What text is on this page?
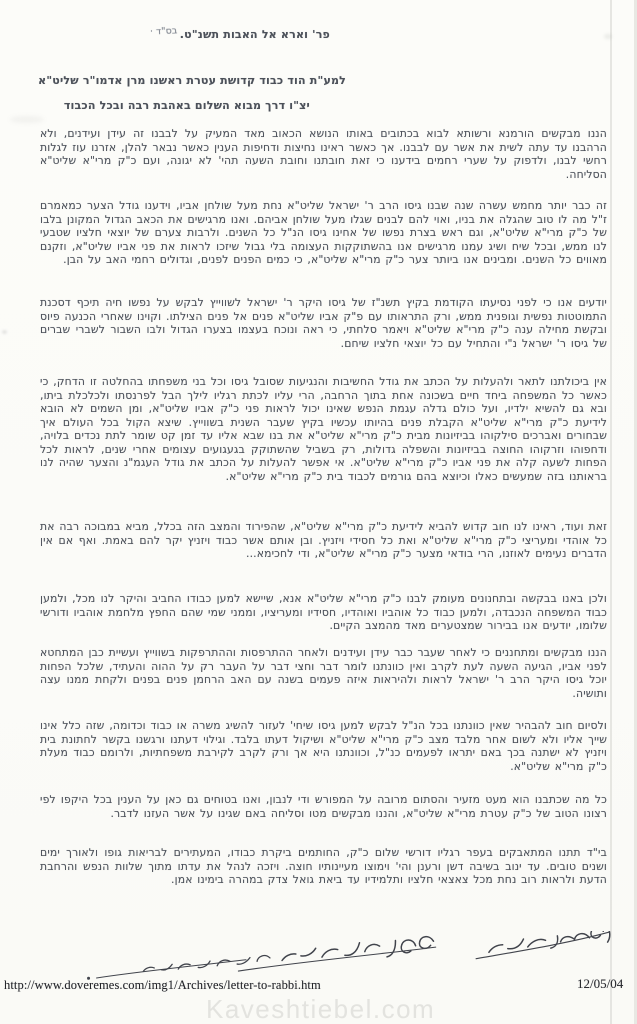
בס"ד · פר' וארא אל האבות תשנ"ט.
למע"ת הוד כבוד קדושת עטרת ראשנו מרן אדמו"ר שליט"א
יצ"ו דרך מבוא השלום באהבת רבה ובכל הכבוד
הננו מבקשים הורמנא ורשותא לבוא בכתובים באותו הנושא הכאוב מאד המעיק על לבבנו זה עידן ועידנים, ולא הרהבנו עד עתה לשית את אשר עם לבבנו. אך כאשר ראינו נחיצות ודחיפות הענין כאשר נבאר להלן, אזרנו עוז לגלות רחשי לבנו, ולדפוק על שערי רחמים בידענו כי זאת חובתנו וחובת השעה תהי' לא יגונה, ועם כ"ק מרי"א שליט"א הסליחה.
זה כבר יותר מחמש עשרה שנה שבנו גיסו הרב ר' ישראל שליט"א נחת מעל שולחן אביו, וידענו גודל הצער כמאמרם ז"ל מה לו טוב שהגלה את בניו, ואוי להם לבנים שגלו מעל שולחן אביהם. ואנו מרגישים את הכאב הגדול המקונן בלבו של כ"ק מרי"א שליט"א, וגם ראש בצרת נפשו של אחינו גיסו הנ"ל כל השנים. ולרבות צערם של יוצאי חלציו שטבעי לנו ממש, ובכל שיח ושיג עמנו מרגישים אנו בהשתוקקות העצומה בלי גבול שיזכו לראות את פני אביו שליט"א, וזקנם מאווים כל השנים. ומבינים אנו ביותר צער כ"ק מרי"א שליט"א, כי כמים הפנים לפנים, וגדולים רחמי האב על הבן.
יודעים אנו כי לפני נסיעתו הקודמת בקיץ תשנ"ז של גיסו היקר ר' ישראל לשווייץ לבקש על נפשו חיה תיכף דסכנת התמוטטות נפשית וגופנית ממש, ורק התראותו עם פ"ק אביו שליט"א פנים אל פנים הצילתו. וקוינו שאחרי הכנעה פיוס ובקשת מחילה ענה כ"ק מרי"א שליט"א ויאמר סלחתי, כי ראה ונוכח בעצמו בצערו הגדול ולבו השבור לשברי שברים של גיסו ר' ישראל נ"י והתחיל עם כל יוצאי חלציו שיחם.
אין ביכולתנו לתאר ולהעלות על הכתב את גודל החשיבות והנגיעות שסובל גיסו וכל בני משפחתו בהחלטה זו הדחק, כי כאשר כל המשפחה ביחד חיים בשכונה אחת בתוך הרחבה, הרי עליו לכתת רגליו לילך הבל לפרנסתו ולכלכלת ביתו, ובא גם להשיא ילדיו, ועל כולם גדלה עגמת הנפש שאינו יכול לראות פני כ"ק אביו שליט"א, ומן השמים לא הובא לידיעת כ"ק מרי"א שליט"א הקבלת פנים בהיותו עכשיו בקיץ שעבר השנית בשווייץ. שיצא הקול בכל העולם איך שבחורים ואברכים סילקוהו בביזיונות מבית כ"ק מרי"א שליט"א את בנו שבא אליו עד זמן קט שומר לתת נכדים בלויה, ודחפוהו וזרקוהו החוצה בביזיונות והשפלה גדולות, רק בשביל שהשתוקק בגעגועים עצומים אחרי שנים, לראות לכל הפחות לשעה קלה את פני אביו כ"ק מרי"א שליט"א. אי אפשר להעלות על הכתב את גודל העגמ"נ והצער שהיה לנו בראותנו בזה שמעשים כאלו וכיוצא בהם גורמים לכבוד בית כ"ק מרי"א שליט"א.
זאת ועוד, ראינו לנו חוב קדוש להביא לידיעת כ"ק מרי"א שליט"א, שהפירוד והמצב הזה בכלל, מביא במבוכה רבה את כל אוהדי ומעריצי כ"ק מרי"א שליט"א ואת כל חסידי ויזניץ. ובן אותם אשר כבוד ויזניץ יקר להם באמת. ואף אם אין הדברים נעימים לאוזנו, הרי בודאי מצער כ"ק מרי"א שליט"א, ודי לחכימא...
ולכן באנו בבקשה ובתחנונים מעומק לבנו כ"ק מרי"א שליט"א אנא, שיישא למען כבודו החביב והיקר לנו מכל, ולמען כבוד המשפחה הנכבדה, ולמען כבוד כל אוהביו ואוהדיו, חסידיו ומעריציו, וממני שמי שהם החפץ מלחמת אוהביו ודורשי שלומו, יודעים אנו בבירור שמצטערים מאד מהמצב הקיים.
הננו מבקשים ומתחננים כי לאחר שעבר כבר עידן ועידנים ולאחר ההתרפסות וההתרפקות בשווייץ ועשיית כבן המתחטא לפני אביו, הגיעה השעה לעת לקרב ואין כוונתנו לומר דבר וחצי דבר על העבר רק על ההוה והעתיד, שלכל הפחות יוכל גיסו היקר הרב ר' ישראל לראות ולהיראות איזה פעמים בשנה עם האב הרחמן פנים בפנים ולקחת ממנו עצה ותושיה.
ולסיום חוב להבהיר שאין כוונתנו בכל הנ"ל לבקש למען גיסו שיחי' לעזור להשיג משרה או כבוד וכדומה, שזה כלל אינו שייך אליו ולא לשום אחר מלבד מצב כ"ק מרי"א שליט"א ושיקול דעתו בלבד. וגילוי דעתנו ורגשנו בקשר לחתונת בית ויזניץ לא ישתנה בכך באם יתראו לפעמים כנ"ל, וכוונתנו היא אך ורק לקרב לקירבת משפחתיות, ולרומם כבוד מעלת כ"ק מרי"א שליט"א.
כל מה שכתבנו הוא מעט מזעיר והסתום מרובה על המפורש ודי לנבון, ואנו בטוחים גם כאן על הענין בכל היקפו לפי רצונו הטוב של כ"ק עטרת מרי"א שליט"א, והננו מבקשים מטו וסליחה באם שגינו על אשר העזנו לדבר.
בי"ד תתנו המתאבקים בעפר רגליו דורשי שלום כ"ק, החותמים ביקרת כבודו, המעתירים לבריאות גופו ולאורך ימים ושנים טובים. עד ינוב בשיבה דשן ורענן והי' וימוצו מעיינותיו חוצה. ויזכה לנהל את עדתו מתוך שלוות הנפש והרחבת הדעת ולראות רוב נחת מכל צאצאי חלציו ותלמידיו עד ביאת גואל צדק במהרה בימינו אמן.
http://www.doveremes.com/img1/Archives/letter-to-rabbi.htm	12/05/04
Kaveshtiebel.com
